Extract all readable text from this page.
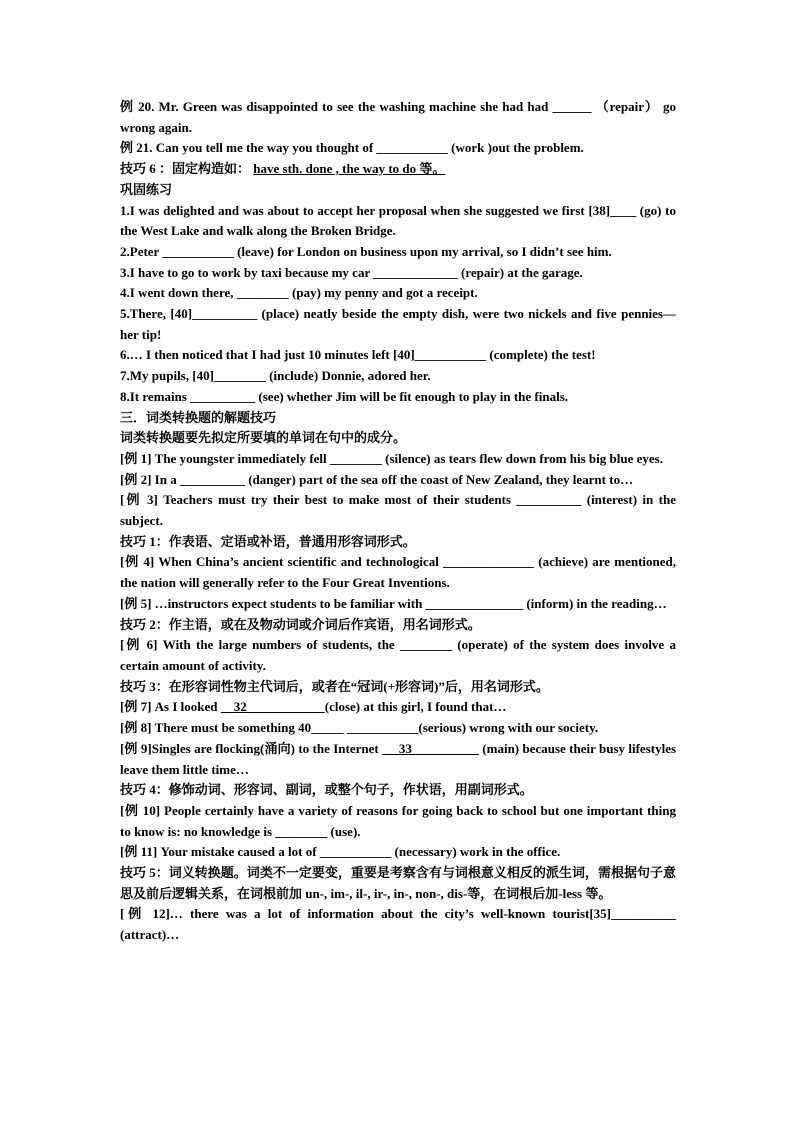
例 20. Mr. Green was disappointed to see the washing machine she had had ______ （repair） go wrong again.

例 21. Can you tell me the way you thought of ___________ (work )out the problem.

技巧 6 ：固定构造如： have sth. done , the way to do 等。

巩固练习

1.I was delighted and was about to accept her proposal when she suggested we first [38]____ (go) to the West Lake and walk along the Broken Bridge.

2.Peter ___________ (leave) for London on business upon my arrival, so I didn’t see him.

3.I have to go to work by taxi because my car _____________ (repair) at the garage.

4.I went down there, ________ (pay) my penny and got a receipt.

5.There, [40]__________ (place) neatly beside the empty dish, were two nickels and five pennies—her tip!

6.… I then noticed that I had just 10 minutes left [40]___________ (complete) the test!

7.My pupils, [40]________ (include) Donnie, adored her.

8.It remains __________ (see) whether Jim will be fit enough to play in the finals.

三．词类转换题的解题技巧

词类转换题要先拟定所要填的单词在句中的成分。

[例 1] The youngster immediately fell ________ (silence) as tears flew down from his big blue eyes.

[例 2] In a __________ (danger) part of the sea off the coast of New Zealand, they learnt to…

[例 3] Teachers must try their best to make most of their students __________ (interest) in the subject.

技巧 1：作表语、定语或补语，普通用形容词形式。

[例 4] When China’s ancient scientific and technological ______________ (achieve) are mentioned, the nation will generally refer to the Four Great Inventions.

[例 5] …instructors expect students to be familiar with _______________ (inform) in the reading…

技巧 2：作主语，或在及物动词或介词后作宾语，用名词形式。

[例 6] With the large numbers of students, the ________ (operate) of the system does involve a certain amount of activity.

技巧 3：在形容词性物主代词后，或者在“冠词(+形容词)”后，用名词形式。

[例 7] As I looked 32	(close) at this girl, I found that…

[例 8] There must be something 40_____ ___________(serious) wrong with our society.

[例 9]Singles are flocking(涌向) to the Internet 33	(main) because their busy lifestyles leave them little time…

技巧 4：修饰动词、形容词、副词，或整个句子，作状语，用副词形式。

[例 10] People certainly have a variety of reasons for going back to school but one important thing to know is: no knowledge is ________ (use).

[例 11] Your mistake caused a lot of ___________ (necessary) work in the office.

技巧 5：词义转换题。词类不一定要变，重要是考察含有与词根意义相反的派生词，需根据句子意思及前后逻辑关系，在词根前加 un-, im-, il-, ir-, in-, non-, dis-等，在词根后加-less 等。

[例 12]… there was a lot of information about the city’s well-known tourist[35]__________ (attract)…
